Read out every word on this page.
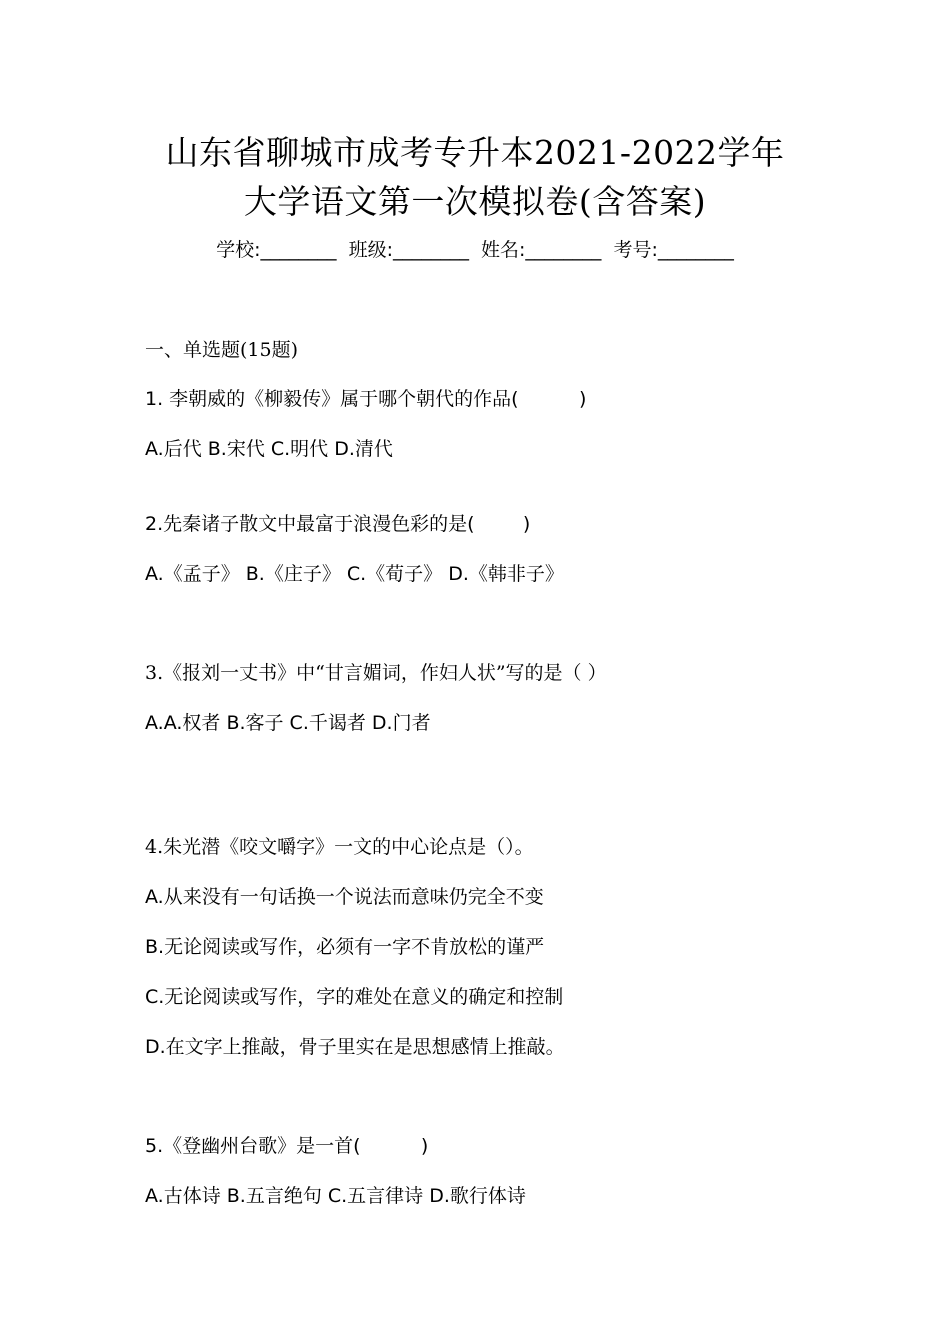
山东省聊城市成考专升本2021-2022学年
大学语文第一次模拟卷(含答案)
学校:________ 班级:________ 姓名:________ 考号:________
一、单选题(15题)
1. 李朝威的《柳毅传》属于哪个朝代的作品(          )
A.后代 B.宋代 C.明代 D.清代
2.先秦诸子散文中最富于浪漫色彩的是(        )
A.《孟子》 B.《庄子》 C.《荀子》 D.《韩非子》
3.《报刘一丈书》中“甘言媚词，作妇人状”写的是（ ）
A.A.权者 B.客子 C.千谒者 D.门者
4.朱光潜《咬文嚼字》一文的中心论点是（）。
A.从来没有一句话换一个说法而意味仍完全不变
B.无论阅读或写作，必须有一字不肯放松的谨严
C.无论阅读或写作，字的难处在意义的确定和控制
D.在文字上推敲，骨子里实在是思想感情上推敲。
5.《登幽州台歌》是一首(          )
A.古体诗 B.五言绝句 C.五言律诗 D.歌行体诗
